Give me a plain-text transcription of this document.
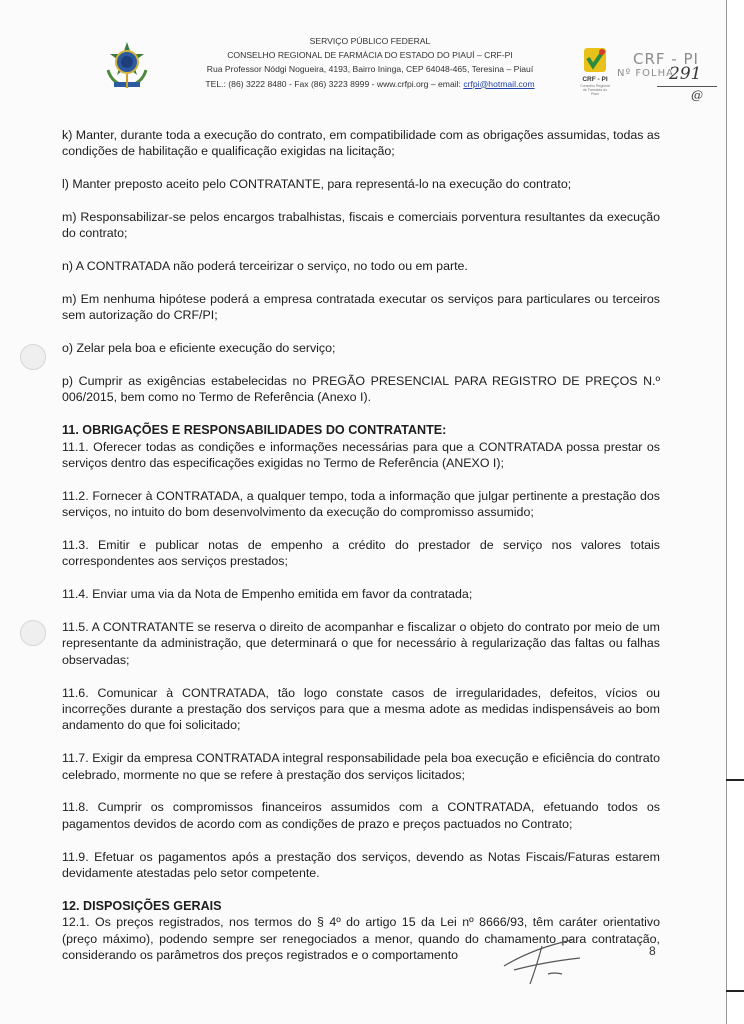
SERVIÇO PÚBLICO FEDERAL
CONSELHO REGIONAL DE FARMÁCIA DO ESTADO DO PIAUÍ – CRF-PI
Rua Professor Nódgi Nogueira, 4193, Bairro Ininga, CEP 64048-465, Teresina – Piauí
TEL.: (86) 3222 8480 - Fax (86) 3223 8999 - www.crfpi.org – email: crfpi@hotmail.com	CRF - PI
Conselho Regional de Farmácia do Piauí
CRF - PI
Nº FOLHA
291
@

k) Manter, durante toda a execução do contrato, em compatibilidade com as obrigações assumidas, todas as condições de habilitação e qualificação exigidas na licitação;

l) Manter preposto aceito pelo CONTRATANTE, para representá-lo na execução do contrato;

m) Responsabilizar-se pelos encargos trabalhistas, fiscais e comerciais porventura resultantes da execução do contrato;

n) A CONTRATADA não poderá terceirizar o serviço, no todo ou em parte.

m) Em nenhuma hipótese poderá a empresa contratada executar os serviços para particulares ou terceiros sem autorização do CRF/PI;

o) Zelar pela boa e eficiente execução do serviço;

p) Cumprir as exigências estabelecidas no PREGÃO PRESENCIAL PARA REGISTRO DE PREÇOS N.º 006/2015, bem como no Termo de Referência (Anexo I).

11. OBRIGAÇÕES E RESPONSABILIDADES DO CONTRATANTE:

11.1. Oferecer todas as condições e informações necessárias para que a CONTRATADA possa prestar os serviços dentro das especificações exigidas no Termo de Referência (ANEXO I);

11.2. Fornecer à CONTRATADA, a qualquer tempo, toda a informação que julgar pertinente a prestação dos serviços, no intuito do bom desenvolvimento da execução do compromisso assumido;

11.3. Emitir e publicar notas de empenho a crédito do prestador de serviço nos valores totais correspondentes aos serviços prestados;

11.4. Enviar uma via da Nota de Empenho emitida em favor da contratada;

11.5. A CONTRATANTE se reserva o direito de acompanhar e fiscalizar o objeto do contrato por meio de um representante da administração, que determinará o que for necessário à regularização das faltas ou falhas observadas;

11.6. Comunicar à CONTRATADA, tão logo constate casos de irregularidades, defeitos, vícios ou incorreções durante a prestação dos serviços para que a mesma adote as medidas indispensáveis ao bom andamento do que foi solicitado;

11.7. Exigir da empresa CONTRATADA integral responsabilidade pela boa execução e eficiência do contrato celebrado, mormente no que se refere à prestação dos serviços licitados;

11.8. Cumprir os compromissos financeiros assumidos com a CONTRATADA, efetuando todos os pagamentos devidos de acordo com as condições de prazo e preços pactuados no Contrato;

11.9. Efetuar os pagamentos após a prestação dos serviços, devendo as Notas Fiscais/Faturas estarem devidamente atestadas pelo setor competente.

12. DISPOSIÇÕES GERAIS

12.1. Os preços registrados, nos termos do § 4º do artigo 15 da Lei nº 8666/93, têm caráter orientativo (preço máximo), podendo sempre ser renegociados a menor, quando do chamamento para contratação, considerando os parâmetros dos preços registrados e o comportamento	8
